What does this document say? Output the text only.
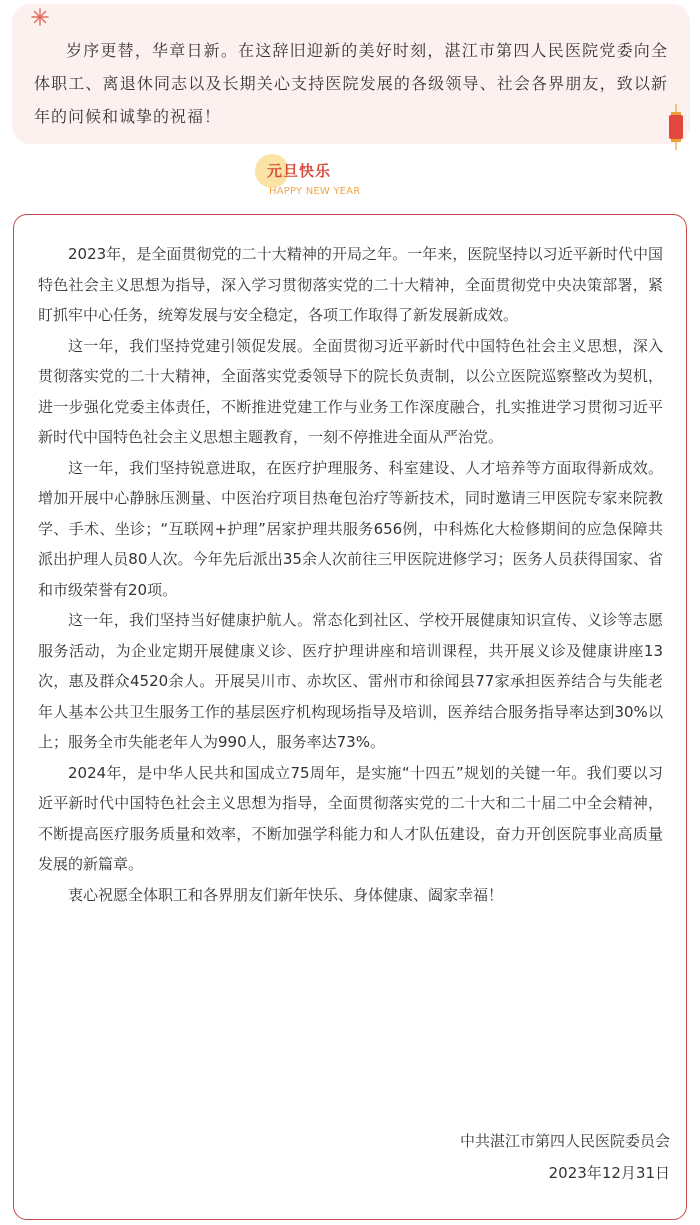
岁序更替，华章日新。在这辞旧迎新的美好时刻，湛江市第四人民医院党委向全体职工、离退休同志以及长期关心支持医院发展的各级领导、社会各界朋友，致以新年的问候和诚挚的祝福！

元旦快乐
HAPPY NEW YEAR

2023年，是全面贯彻党的二十大精神的开局之年。一年来，医院坚持以习近平新时代中国特色社会主义思想为指导，深入学习贯彻落实党的二十大精神，全面贯彻党中央决策部署，紧盯抓牢中心任务，统筹发展与安全稳定，各项工作取得了新发展新成效。

这一年，我们坚持党建引领促发展。全面贯彻习近平新时代中国特色社会主义思想，深入贯彻落实党的二十大精神，全面落实党委领导下的院长负责制，以公立医院巡察整改为契机，进一步强化党委主体责任，不断推进党建工作与业务工作深度融合，扎实推进学习贯彻习近平新时代中国特色社会主义思想主题教育，一刻不停推进全面从严治党。

这一年，我们坚持锐意进取，在医疗护理服务、科室建设、人才培养等方面取得新成效。增加开展中心静脉压测量、中医治疗项目热奄包治疗等新技术，同时邀请三甲医院专家来院教学、手术、坐诊；“互联网+护理”居家护理共服务656例，中科炼化大检修期间的应急保障共派出护理人员80人次。今年先后派出35余人次前往三甲医院进修学习；医务人员获得国家、省和市级荣誉有20项。

这一年，我们坚持当好健康护航人。常态化到社区、学校开展健康知识宣传、义诊等志愿服务活动，为企业定期开展健康义诊、医疗护理讲座和培训课程，共开展义诊及健康讲座13次，惠及群众4520余人。开展吴川市、赤坎区、雷州市和徐闻县77家承担医养结合与失能老年人基本公共卫生服务工作的基层医疗机构现场指导及培训，医养结合服务指导率达到30%以上；服务全市失能老年人为990人，服务率达73%。

2024年，是中华人民共和国成立75周年，是实施“十四五”规划的关键一年。我们要以习近平新时代中国特色社会主义思想为指导，全面贯彻落实党的二十大和二十届二中全会精神，不断提高医疗服务质量和效率，不断加强学科能力和人才队伍建设，奋力开创医院事业高质量发展的新篇章。

衷心祝愿全体职工和各界朋友们新年快乐、身体健康、阖家幸福！

中共湛江市第四人民医院委员会
2023年12月31日
